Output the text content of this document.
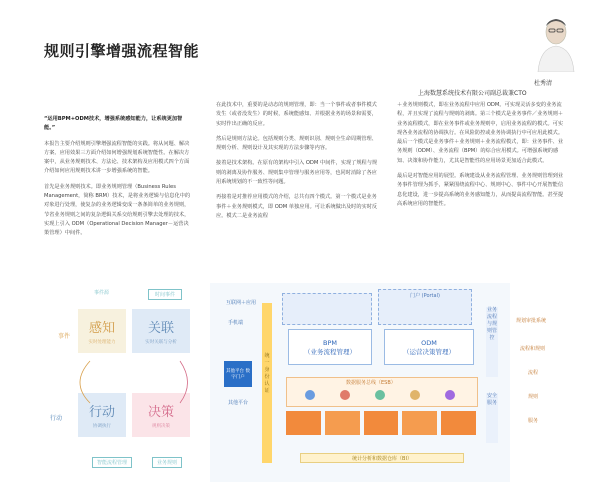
规则引擎增强流程智能
杜秀清
上海数慧系统技术有限公司副总裁兼CTO

“运用BPM+ODM技术，增强系统感知能力，让系统更加智能。”

本报告主要介绍规则引擎增强流程智能的实践。将从问题、解决方案、应用效果三方面介绍如何增强规划系统智能性。在解决方案中，从业务规则技术、方法论、技术架构及应用模式四个方面介绍如何应用规则技术讲一步增强系统的智能。

首先是业务规则技术。即业务规则管理（Business Rules Management，简称 BRM）技术，是将业务逻辑与信息化中的对象进行处理，使复杂的业务逻辑变成一条条简单的业务规则，节省业务规则之间的复杂逻辑关系交给规则引擎去处理的技术，实现上引入 ODM（Operational Decision Manager－运营决策管理）中间件。

在此技术中，重要的是动态的规则管理，即：当一个事件或者事件模式发生（或者没发生）的时候，系统能感知、并根据业务的场景和需要，实时作出正确的反应。

然后是规则方法论。包括规则分类、规则识别、规则全生命周期管理、规则分析、规则设计及其实现的方法步骤等内容。

接着是技术架构。在原有的架构中引入 ODM 中间件，实现了规程与规则的剥离及协作服务、规则集中管理与服务应用等，也同时消除了各应用系统规划的不一致性等问题。

再接着是对推荐应用模式的介绍，总共有四个模式。第一个模式是业务事件＋业务规则模式，即 ODM 单独应用。可让系统做出及时的实时反应。模式二是业务流程

＋业务规则模式，即在业务流程中应用 ODM。可实现灵活多变的业务流程，并且实现了流程与规则的剥离。第三个模式是业务事件／业务规则＋业务流程模式，即在业务事件或业务规则中，启用业务流程的模式。可实现各业务流程的协调执行。在风险防控或业务协调执行中可应用此模式。最后一个模式是业务事件＋业务规则＋业务流程模式，即：业务事件、业务规则（ODM）、业务流程（BPM）的综合应用模式。可增强系统的感知、决策和协作能力，尤其是智能性的应用场景更加适合此模式。

最后是对智能应用的展望。系统建设从业务流程管理、业务规则管理到业务事件管理为抓手，紧紧围绕流程中心、规则中心、事件中心开展智能信息化建设，进一步提高系统的业务感知能力，从而提高流程智能。甚至提高系统应用的智能性。

事件源	时间事件
事件
行动
感知
实时处理能力
关联
实时关联与分析
行动
协调执行
决策
规则决策
智能流程管理	业务规则
互联网＋应用
手机端
其他平台 数字门户
其他平台
统一身份认证
门户 (Portal)
BPM
（业务流程管理）
ODM
（运营决策管理）
数据服务总线（ESB）
统计分析和数据仓库（BI）
业务流程与规则管控
安全服务
规划审批系统
流程和规则
流程
规则
服务
